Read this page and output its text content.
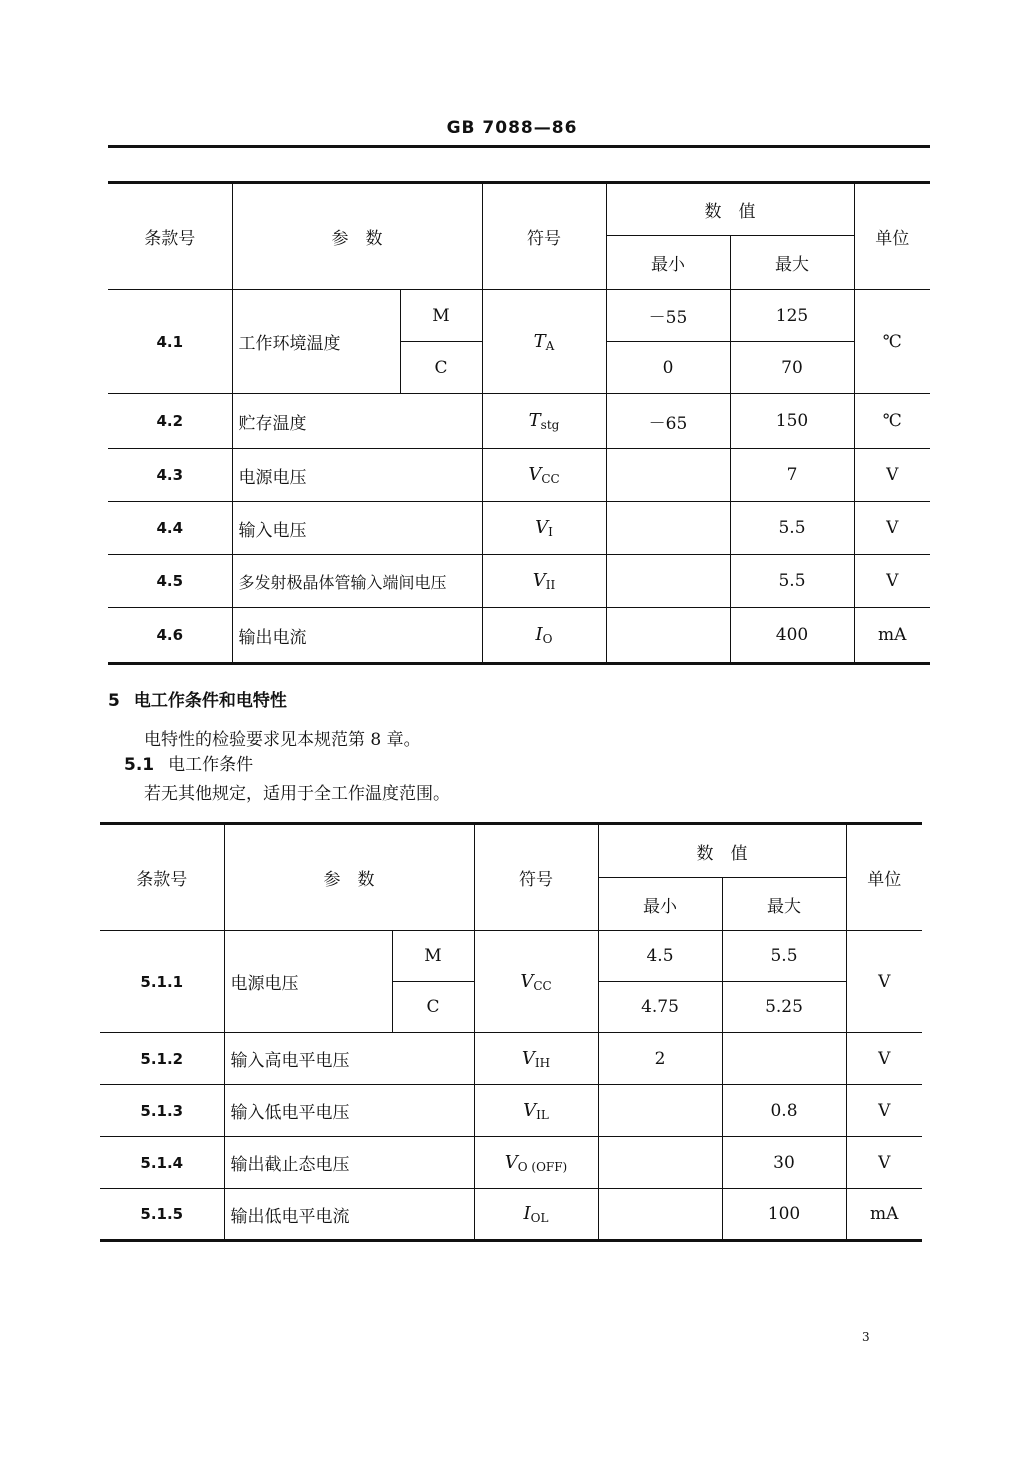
GB 7088—86
条款号	参　数		符号	数　值		单位
				最小	最大	
4.1	工作环境温度	M	$T_A$	－55	125	℃
		C		0	70	
4.2	贮存温度		$T_{stg}$	－65	150	℃
4.3	电源电压		$V_{CC}$		7	V
4.4	输入电压		$V_I$		5.5	V
4.5	多发射极晶体管输入端间电压		$V_{II}$		5.5	V
4.6	输出电流		$I_O$		400	mA
5 电工作条件和电特性
电特性的检验要求见本规范第 8 章。
5.1 电工作条件
若无其他规定，适用于全工作温度范围。
条款号	参　数		符号	数　值		单位
				最小	最大	
5.1.1	电源电压	M	$V_{CC}$	4.5	5.5	V
		C		4.75	5.25	
5.1.2	输入高电平电压		$V_{IH}$	2		V
5.1.3	输入低电平电压		$V_{IL}$		0.8	V
5.1.4	输出截止态电压		$V_{O (OFF)}$		30	V
5.1.5	输出低电平电流		$I_{OL}$		100	mA
3
